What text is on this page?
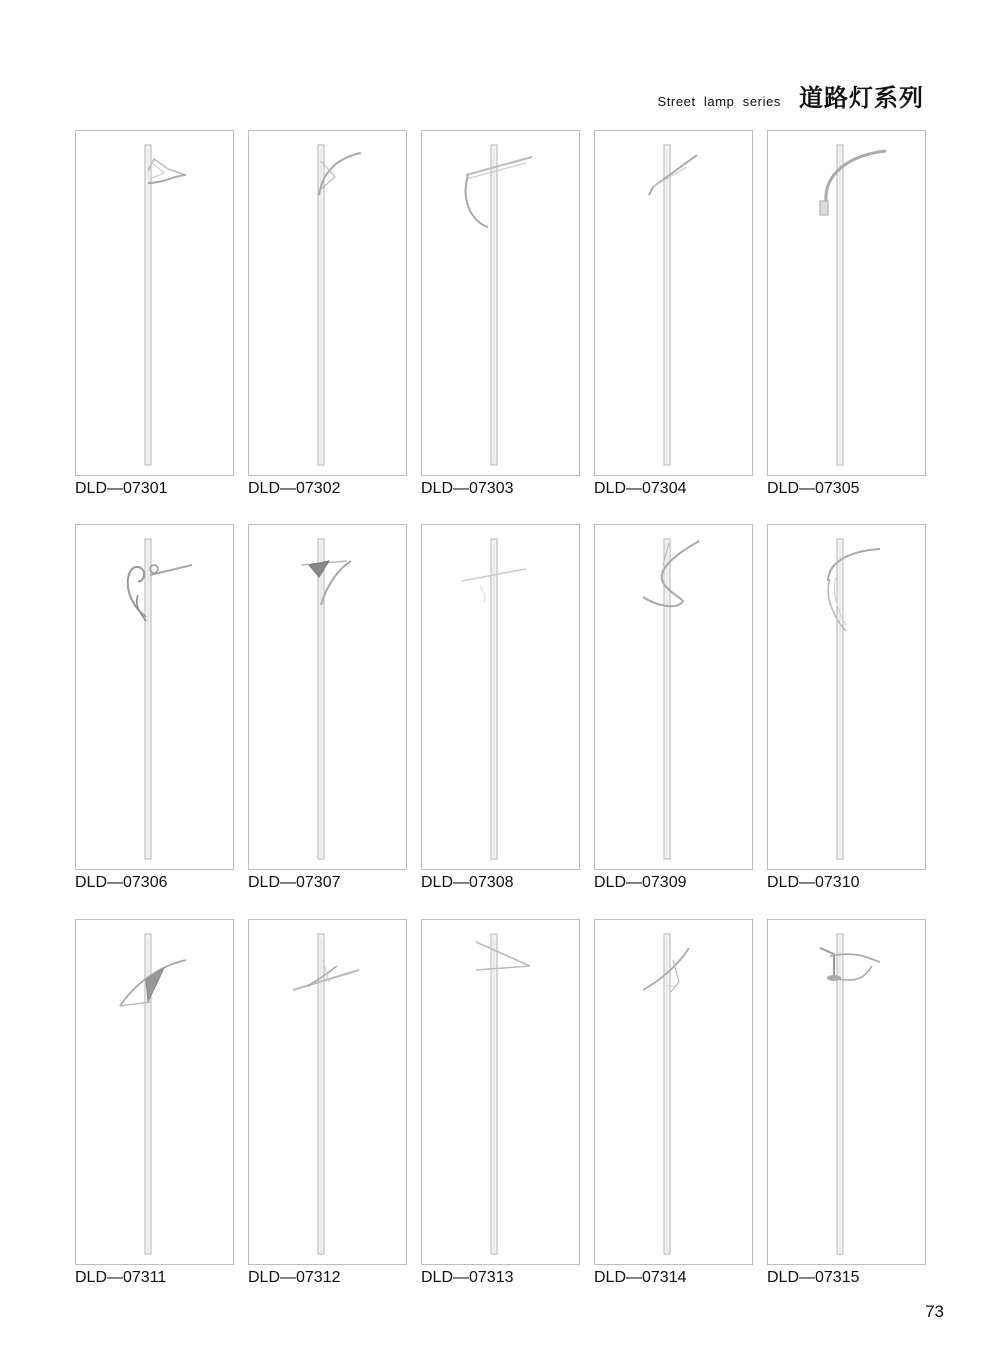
Street lamp series 道路灯系列
DLD—07301	DLD—07302	DLD—07303	DLD—07304	DLD—07305
DLD—07306	DLD—07307	DLD—07308	DLD—07309	DLD—07310
DLD—07311	DLD—07312	DLD—07313	DLD—07314	DLD—07315
73
